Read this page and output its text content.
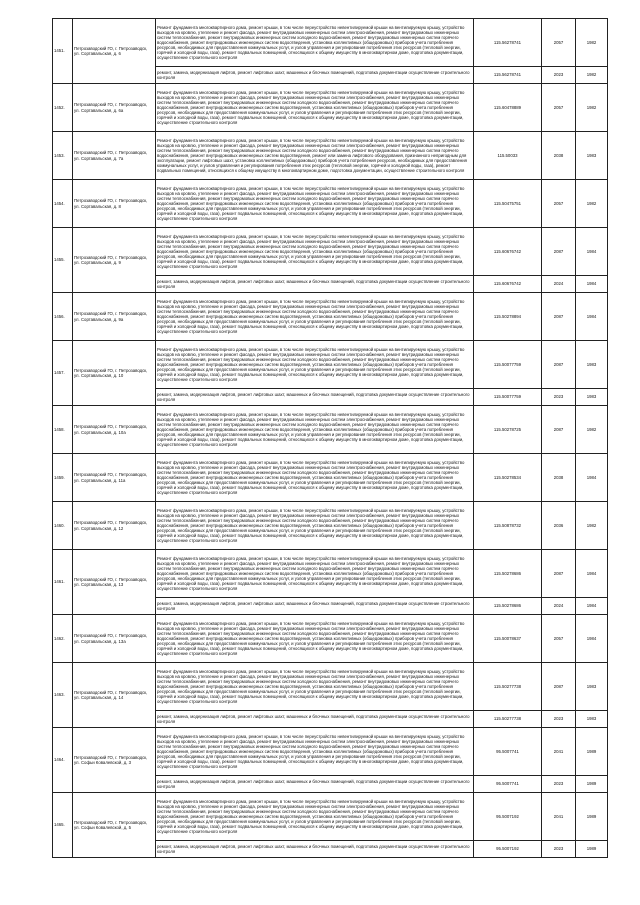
1451.	Петрозаводский ГО, г. Петрозаводск, ул. Сортавальская, д. 6	Ремонт фундамента многоквартирного дома, ремонт крыши, в том числе переустройство невентилируемой крыши на вентилируемую крышу, устройство выходов на кровлю, утепление и ремонт фасада, ремонт внутридомовых инженерных систем электроснабжения, ремонт внутридомовых инженерных систем теплоснабжения, ремонт внутридомовых инженерных систем холодного водоснабжения, ремонт внутридомовых инженерных систем горячего водоснабжения, ремонт внутридомовых инженерных систем водоотведения, установка коллективных (общедомовых) приборов учета потребления ресурсов, необходимых для предоставления коммунальных услуг, и узлов управления и регулирования потребления этих ресурсов (тепловой энергии, горячей и холодной воды, газа), ремонт подвальных помещений, относящихся к общему имуществу в многоквартирном доме, подготовка документации, осуществление строительного контроля	115.56278741	2057	1982
		ремонт, замена, модернизация лифтов, ремонт лифтовых шахт, машинных и блочных помещений, подготовка документации осуществление строительного контроля	115.56278741	2023	1982
1452.	Петрозаводский ГО, г. Петрозаводск, ул. Сортавальская, д. 6а	Ремонт фундамента многоквартирного дома, ремонт крыши, в том числе переустройство невентилируемой крыши на вентилируемую крышу, устройство выходов на кровлю, утепление и ремонт фасада, ремонт внутридомовых инженерных систем электроснабжения, ремонт внутридомовых инженерных систем теплоснабжения, ремонт внутридомовых инженерных систем холодного водоснабжения, ремонт внутридомовых инженерных систем горячего водоснабжения, ремонт внутридомовых инженерных систем водоотведения, установка коллективных (общедомовых) приборов учета потребления ресурсов, необходимых для предоставления коммунальных услуг, и узлов управления и регулирования потребления этих ресурсов (тепловой энергии, горячей и холодной воды, газа), ремонт подвальных помещений, относящихся к общему имуществу в многоквартирном доме, подготовка документации, осуществление строительного контроля	115.60478889	2057	1982
1453.	Петрозаводский ГО, г. Петрозаводск, ул. Сортавальская, д. 7а	Ремонт фундамента многоквартирного дома, ремонт крыши, в том числе переустройство невентилируемой крыши на вентилируемую крышу, устройство выходов на кровлю, утепление и ремонт фасада, ремонт внутридомовых инженерных систем электроснабжения, ремонт внутридомовых инженерных систем теплоснабжения, ремонт внутридомовых инженерных систем холодного водоснабжения, ремонт внутридомовых инженерных систем горячего водоснабжения, ремонт внутридомовых инженерных систем водоотведения, ремонт или замена лифтового оборудования, признанного непригодным для эксплуатации, ремонт лифтовых шахт, установка коллективных (общедомовых) приборов учета потребления ресурсов, необходимых для предоставления коммунальных услуг, и узлов управления и регулирования потребления этих ресурсов (тепловой энергии, горячей и холодной воды, газа), ремонт подвальных помещений, относящихся к общему имуществу в многоквартирном доме, подготовка документации, осуществление строительного контроля	115.50033	2038	1983
1454.	Петрозаводский ГО, г. Петрозаводск, ул. Сортавальская, д. 8	Ремонт фундамента многоквартирного дома, ремонт крыши, в том числе переустройство невентилируемой крыши на вентилируемую крышу, устройство выходов на кровлю, утепление и ремонт фасада, ремонт внутридомовых инженерных систем электроснабжения, ремонт внутридомовых инженерных систем теплоснабжения, ремонт внутридомовых инженерных систем холодного водоснабжения, ремонт внутридомовых инженерных систем горячего водоснабжения, ремонт внутридомовых инженерных систем водоотведения, установка коллективных (общедомовых) приборов учета потребления ресурсов, необходимых для предоставления коммунальных услуг, и узлов управления и регулирования потребления этих ресурсов (тепловой энергии, горячей и холодной воды, газа), ремонт подвальных помещений, относящихся к общему имуществу в многоквартирном доме, подготовка документации, осуществление строительного контроля	115.50475751	2057	1982
1455.	Петрозаводский ГО, г. Петрозаводск, ул. Сортавальская, д. 9	Ремонт фундамента многоквартирного дома, ремонт крыши, в том числе переустройство невентилируемой крыши на вентилируемую крышу, устройство выходов на кровлю, утепление и ремонт фасада, ремонт внутридомовых инженерных систем электроснабжения, ремонт внутридомовых инженерных систем теплоснабжения, ремонт внутридомовых инженерных систем холодного водоснабжения, ремонт внутридомовых инженерных систем горячего водоснабжения, ремонт внутридомовых инженерных систем водоотведения, установка коллективных (общедомовых) приборов учета потребления ресурсов, необходимых для предоставления коммунальных услуг, и узлов управления и регулирования потребления этих ресурсов (тепловой энергии, горячей и холодной воды, газа), ремонт подвальных помещений, относящихся к общему имуществу в многоквартирном доме, подготовка документации, осуществление строительного контроля	115.60676742	2087	1984
		ремонт, замена, модернизация лифтов, ремонт лифтовых шахт, машинных и блочных помещений, подготовка документации осуществление строительного контроля	115.60676742	2024	1984
1456.	Петрозаводский ГО, г. Петрозаводск, ул. Сортавальская, д. 9а	Ремонт фундамента многоквартирного дома, ремонт крыши, в том числе переустройство невентилируемой крыши на вентилируемую крышу, устройство выходов на кровлю, утепление и ремонт фасада, ремонт внутридомовых инженерных систем электроснабжения, ремонт внутридомовых инженерных систем теплоснабжения, ремонт внутридомовых инженерных систем холодного водоснабжения, ремонт внутридомовых инженерных систем горячего водоснабжения, ремонт внутридомовых инженерных систем водоотведения, установка коллективных (общедомовых) приборов учета потребления ресурсов, необходимых для предоставления коммунальных услуг, и узлов управления и регулирования потребления этих ресурсов (тепловой энергии, горячей и холодной воды, газа), ремонт подвальных помещений, относящихся к общему имуществу в многоквартирном доме, подготовка документации, осуществление строительного контроля	115.50278894	2087	1984
1457.	Петрозаводский ГО, г. Петрозаводск, ул. Сортавальская, д. 10	Ремонт фундамента многоквартирного дома, ремонт крыши, в том числе переустройство невентилируемой крыши на вентилируемую крышу, устройство выходов на кровлю, утепление и ремонт фасада, ремонт внутридомовых инженерных систем электроснабжения, ремонт внутридомовых инженерных систем теплоснабжения, ремонт внутридомовых инженерных систем холодного водоснабжения, ремонт внутридомовых инженерных систем горячего водоснабжения, ремонт внутридомовых инженерных систем водоотведения, установка коллективных (общедомовых) приборов учета потребления ресурсов, необходимых для предоставления коммунальных услуг, и узлов управления и регулирования потребления этих ресурсов (тепловой энергии, горячей и холодной воды, газа), ремонт подвальных помещений, относящихся к общему имуществу в многоквартирном доме, подготовка документации, осуществление строительного контроля	115.50077759	2087	1983
		ремонт, замена, модернизация лифтов, ремонт лифтовых шахт, машинных и блочных помещений, подготовка документации осуществление строительного контроля	115.50077759	2023	1983
1458.	Петрозаводский ГО, г. Петрозаводск, ул. Сортавальская, д. 10а	Ремонт фундамента многоквартирного дома, ремонт крыши, в том числе переустройство невентилируемой крыши на вентилируемую крышу, устройство выходов на кровлю, утепление и ремонт фасада, ремонт внутридомовых инженерных систем электроснабжения, ремонт внутридомовых инженерных систем теплоснабжения, ремонт внутридомовых инженерных систем холодного водоснабжения, ремонт внутридомовых инженерных систем горячего водоснабжения, ремонт внутридомовых инженерных систем водоотведения, установка коллективных (общедомовых) приборов учета потребления ресурсов, необходимых для предоставления коммунальных услуг, и узлов управления и регулирования потребления этих ресурсов (тепловой энергии, горячей и холодной воды, газа), ремонт подвальных помещений, относящихся к общему имуществу в многоквартирном доме, подготовка документации, осуществление строительного контроля	115.50278725	2087	1982
1459.	Петрозаводский ГО, г. Петрозаводск, ул. Сортавальская, д. 11а	Ремонт фундамента многоквартирного дома, ремонт крыши, в том числе переустройство невентилируемой крыши на вентилируемую крышу, устройство выходов на кровлю, утепление и ремонт фасада, ремонт внутридомовых инженерных систем электроснабжения, ремонт внутридомовых инженерных систем теплоснабжения, ремонт внутридомовых инженерных систем холодного водоснабжения, ремонт внутридомовых инженерных систем горячего водоснабжения, ремонт внутридомовых инженерных систем водоотведения, установка коллективных (общедомовых) приборов учета потребления ресурсов, необходимых для предоставления коммунальных услуг, и узлов управления и регулирования потребления этих ресурсов (тепловой энергии, горячей и холодной воды, газа), ремонт подвальных помещений, относящихся к общему имуществу в многоквартирном доме, подготовка документации, осуществление строительного контроля	115.50278534	2038	1984
1460.	Петрозаводский ГО, г. Петрозаводск, ул. Сортавальская, д. 12	Ремонт фундамента многоквартирного дома, ремонт крыши, в том числе переустройство невентилируемой крыши на вентилируемую крышу, устройство выходов на кровлю, утепление и ремонт фасада, ремонт внутридомовых инженерных систем электроснабжения, ремонт внутридомовых инженерных систем теплоснабжения, ремонт внутридомовых инженерных систем холодного водоснабжения, ремонт внутридомовых инженерных систем горячего водоснабжения, ремонт внутридомовых инженерных систем водоотведения, установка коллективных (общедомовых) приборов учета потребления ресурсов, необходимых для предоставления коммунальных услуг, и узлов управления и регулирования потребления этих ресурсов (тепловой энергии, горячей и холодной воды, газа), ремонт подвальных помещений, относящихся к общему имуществу в многоквартирном доме, подготовка документации, осуществление строительного контроля	115.50878732	2036	1982
1461.	Петрозаводский ГО, г. Петрозаводск, ул. Сортавальская, д. 13	Ремонт фундамента многоквартирного дома, ремонт крыши, в том числе переустройство невентилируемой крыши на вентилируемую крышу, устройство выходов на кровлю, утепление и ремонт фасада, ремонт внутридомовых инженерных систем электроснабжения, ремонт внутридомовых инженерных систем теплоснабжения, ремонт внутридомовых инженерных систем холодного водоснабжения, ремонт внутридомовых инженерных систем горячего водоснабжения, ремонт внутридомовых инженерных систем водоотведения, установка коллективных (общедомовых) приборов учета потребления ресурсов, необходимых для предоставления коммунальных услуг, и узлов управления и регулирования потребления этих ресурсов (тепловой энергии, горячей и холодной воды, газа), ремонт подвальных помещений, относящихся к общему имуществу в многоквартирном доме, подготовка документации, осуществление строительного контроля	115.50278686	2087	1984
		ремонт, замена, модернизация лифтов, ремонт лифтовых шахт, машинных и блочных помещений, подготовка документации осуществление строительного контроля	115.50278686	2024	1984
1462.	Петрозаводский ГО, г. Петрозаводск, ул. Сортавальская, д. 13а	Ремонт фундамента многоквартирного дома, ремонт крыши, в том числе переустройство невентилируемой крыши на вентилируемую крышу, устройство выходов на кровлю, утепление и ремонт фасада, ремонт внутридомовых инженерных систем электроснабжения, ремонт внутридомовых инженерных систем теплоснабжения, ремонт внутридомовых инженерных систем холодного водоснабжения, ремонт внутридомовых инженерных систем горячего водоснабжения, ремонт внутридомовых инженерных систем водоотведения, установка коллективных (общедомовых) приборов учета потребления ресурсов, необходимых для предоставления коммунальных услуг, и узлов управления и регулирования потребления этих ресурсов (тепловой энергии, горячей и холодной воды, газа), ремонт подвальных помещений, относящихся к общему имуществу в многоквартирном доме, подготовка документации, осуществление строительного контроля	115.50078637	2057	1984
1463.	Петрозаводский ГО, г. Петрозаводск, ул. Сортавальская, д. 14	Ремонт фундамента многоквартирного дома, ремонт крыши, в том числе переустройство невентилируемой крыши на вентилируемую крышу, устройство выходов на кровлю, утепление и ремонт фасада, ремонт внутридомовых инженерных систем электроснабжения, ремонт внутридомовых инженерных систем теплоснабжения, ремонт внутридомовых инженерных систем холодного водоснабжения, ремонт внутридомовых инженерных систем горячего водоснабжения, ремонт внутридомовых инженерных систем водоотведения, установка коллективных (общедомовых) приборов учета потребления ресурсов, необходимых для предоставления коммунальных услуг, и узлов управления и регулирования потребления этих ресурсов (тепловой энергии, горячей и холодной воды, газа), ремонт подвальных помещений, относящихся к общему имуществу в многоквартирном доме, подготовка документации, осуществление строительного контроля	115.50277738	2087	1983
		ремонт, замена, модернизация лифтов, ремонт лифтовых шахт, машинных и блочных помещений, подготовка документации осуществление строительного контроля	115.50277738	2023	1983
1464.	Петрозаводский ГО, г. Петрозаводск, ул. Софьи Ковалевской, д. 3	Ремонт фундамента многоквартирного дома, ремонт крыши, в том числе переустройство невентилируемой крыши на вентилируемую крышу, устройство выходов на кровлю, утепление и ремонт фасада, ремонт внутридомовых инженерных систем электроснабжения, ремонт внутридомовых инженерных систем теплоснабжения, ремонт внутридомовых инженерных систем холодного водоснабжения, ремонт внутридомовых инженерных систем горячего водоснабжения, ремонт внутридомовых инженерных систем водоотведения, установка коллективных (общедомовых) приборов учета потребления ресурсов, необходимых для предоставления коммунальных услуг, и узлов управления и регулирования потребления этих ресурсов (тепловой энергии, горячей и холодной воды, газа), ремонт подвальных помещений, относящихся к общему имуществу в многоквартирном доме, подготовка документации, осуществление строительного контроля	95.5007741	2041	1989
		ремонт, замена, модернизация лифтов, ремонт лифтовых шахт, машинных и блочных помещений, подготовка документации осуществление строительного контроля	95.5007741	2023	1989
1465.	Петрозаводский ГО, г. Петрозаводск, ул. Софьи Ковалевской, д. 5	Ремонт фундамента многоквартирного дома, ремонт крыши, в том числе переустройство невентилируемой крыши на вентилируемую крышу, устройство выходов на кровлю, утепление и ремонт фасада, ремонт внутридомовых инженерных систем электроснабжения, ремонт внутридомовых инженерных систем теплоснабжения, ремонт внутридомовых инженерных систем холодного водоснабжения, ремонт внутридомовых инженерных систем горячего водоснабжения, ремонт внутридомовых инженерных систем водоотведения, установка коллективных (общедомовых) приборов учета потребления ресурсов, необходимых для предоставления коммунальных услуг, и узлов управления и регулирования потребления этих ресурсов (тепловой энергии, горячей и холодной воды, газа), ремонт подвальных помещений, относящихся к общему имуществу в многоквартирном доме, подготовка документации, осуществление строительного контроля	95.5007192	2041	1989
		ремонт, замена, модернизация лифтов, ремонт лифтовых шахт, машинных и блочных помещений, подготовка документации осуществление строительного контроля	95.5007192	2023	1989
